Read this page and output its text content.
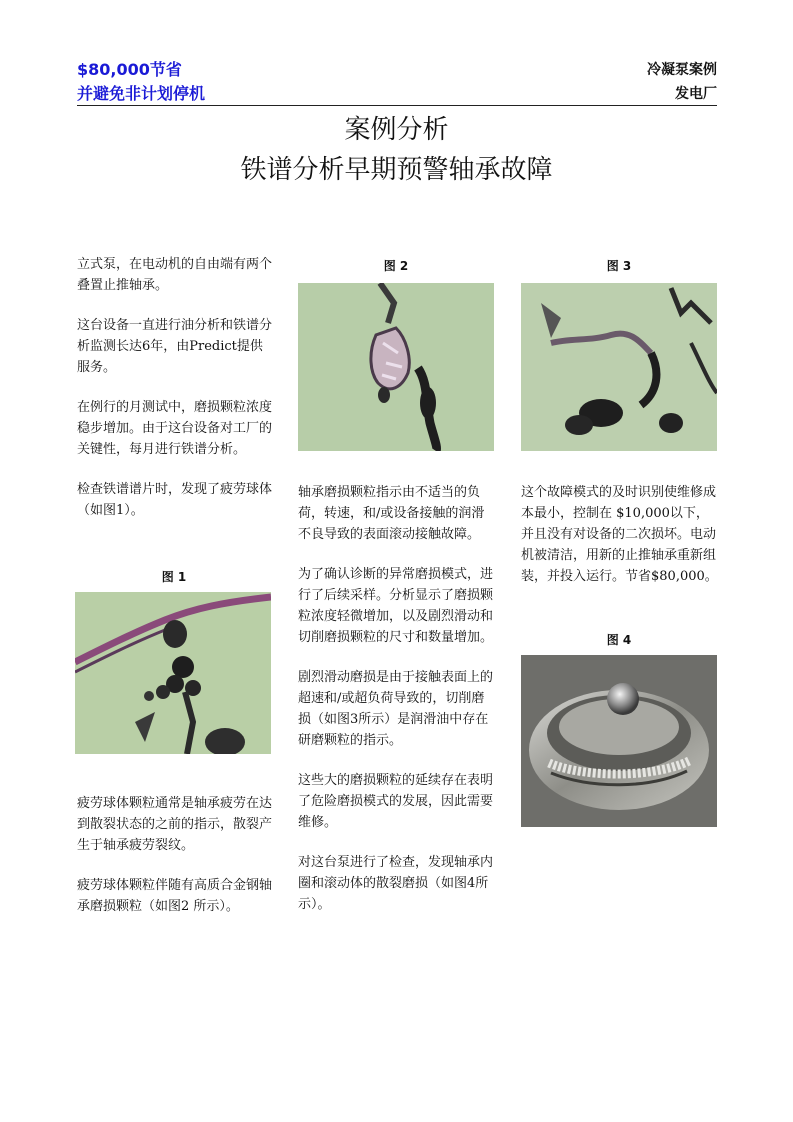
$80,000节省
并避免非计划停机
冷凝泵案例
发电厂
案例分析
铁谱分析早期预警轴承故障

立式泵，在电动机的自由端有两个叠置止推轴承。

这台设备一直进行油分析和铁谱分析监测长达6年，由Predict提供服务。

在例行的月测试中，磨损颗粒浓度稳步增加。由于这台设备对工厂的关键性，每月进行铁谱分析。

检查铁谱谱片时，发现了疲劳球体（如图1）。

图 1

疲劳球体颗粒通常是轴承疲劳在达到散裂状态的之前的指示，散裂产生于轴承疲劳裂纹。

疲劳球体颗粒伴随有高质合金钢轴承磨损颗粒（如图2 所示）。

图 2

轴承磨损颗粒指示由不适当的负荷，转速，和/或设备接触的润滑不良导致的表面滚动接触故障。

为了确认诊断的异常磨损模式，进行了后续采样。分析显示了磨损颗粒浓度轻微增加，以及剧烈滑动和切削磨损颗粒的尺寸和数量增加。

剧烈滑动磨损是由于接触表面上的超速和/或超负荷导致的，切削磨损（如图3所示）是润滑油中存在研磨颗粒的指示。

这些大的磨损颗粒的延续存在表明了危险磨损模式的发展，因此需要维修。

对这台泵进行了检查，发现轴承内圈和滚动体的散裂磨损（如图4所示）。

图 3

这个故障模式的及时识别使维修成本最小，控制在 $10,000以下，并且没有对设备的二次损坏。电动机被清洁，用新的止推轴承重新组装，并投入运行。节省$80,000。

图 4
